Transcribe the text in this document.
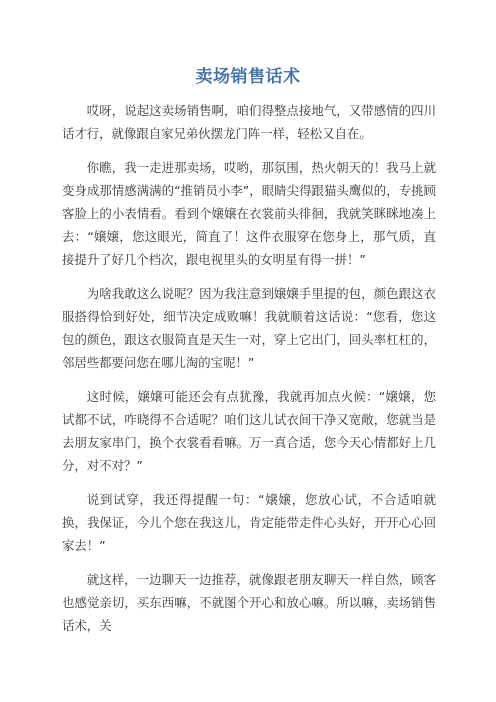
卖场销售话术

哎呀，说起这卖场销售啊，咱们得整点接地气，又带感情的四川话才行，就像跟自家兄弟伙摆龙门阵一样，轻松又自在。

你瞧，我一走进那卖场，哎哟，那氛围，热火朝天的！我马上就变身成那情感满满的“推销员小李”，眼睛尖得跟猫头鹰似的，专挑顾客脸上的小表情看。看到个嬢嬢在衣裳前头徘徊，我就笑眯眯地凑上去：“嬢嬢，您这眼光，简直了！这件衣服穿在您身上，那气质，直接提升了好几个档次，跟电视里头的女明星有得一拼！”

为啥我敢这么说呢？因为我注意到嬢嬢手里提的包，颜色跟这衣服搭得恰到好处，细节决定成败嘛！我就顺着这话说：“您看，您这包的颜色，跟这衣服简直是天生一对，穿上它出门，回头率杠杠的，邻居些都要问您在哪儿淘的宝呢！”

这时候，嬢嬢可能还会有点犹豫，我就再加点火候：“嬢嬢，您试都不试，咋晓得不合适呢？咱们这儿试衣间干净又宽敞，您就当是去朋友家串门，换个衣裳看看嘛。万一真合适，您今天心情都好上几分，对不对？”

说到试穿，我还得提醒一句：“嬢嬢，您放心试，不合适咱就换，我保证，今儿个您在我这儿，肯定能带走件心头好，开开心心回家去！”

就这样，一边聊天一边推荐，就像跟老朋友聊天一样自然，顾客也感觉亲切，买东西嘛，不就图个开心和放心嘛。所以嘛，卖场销售话术，关
